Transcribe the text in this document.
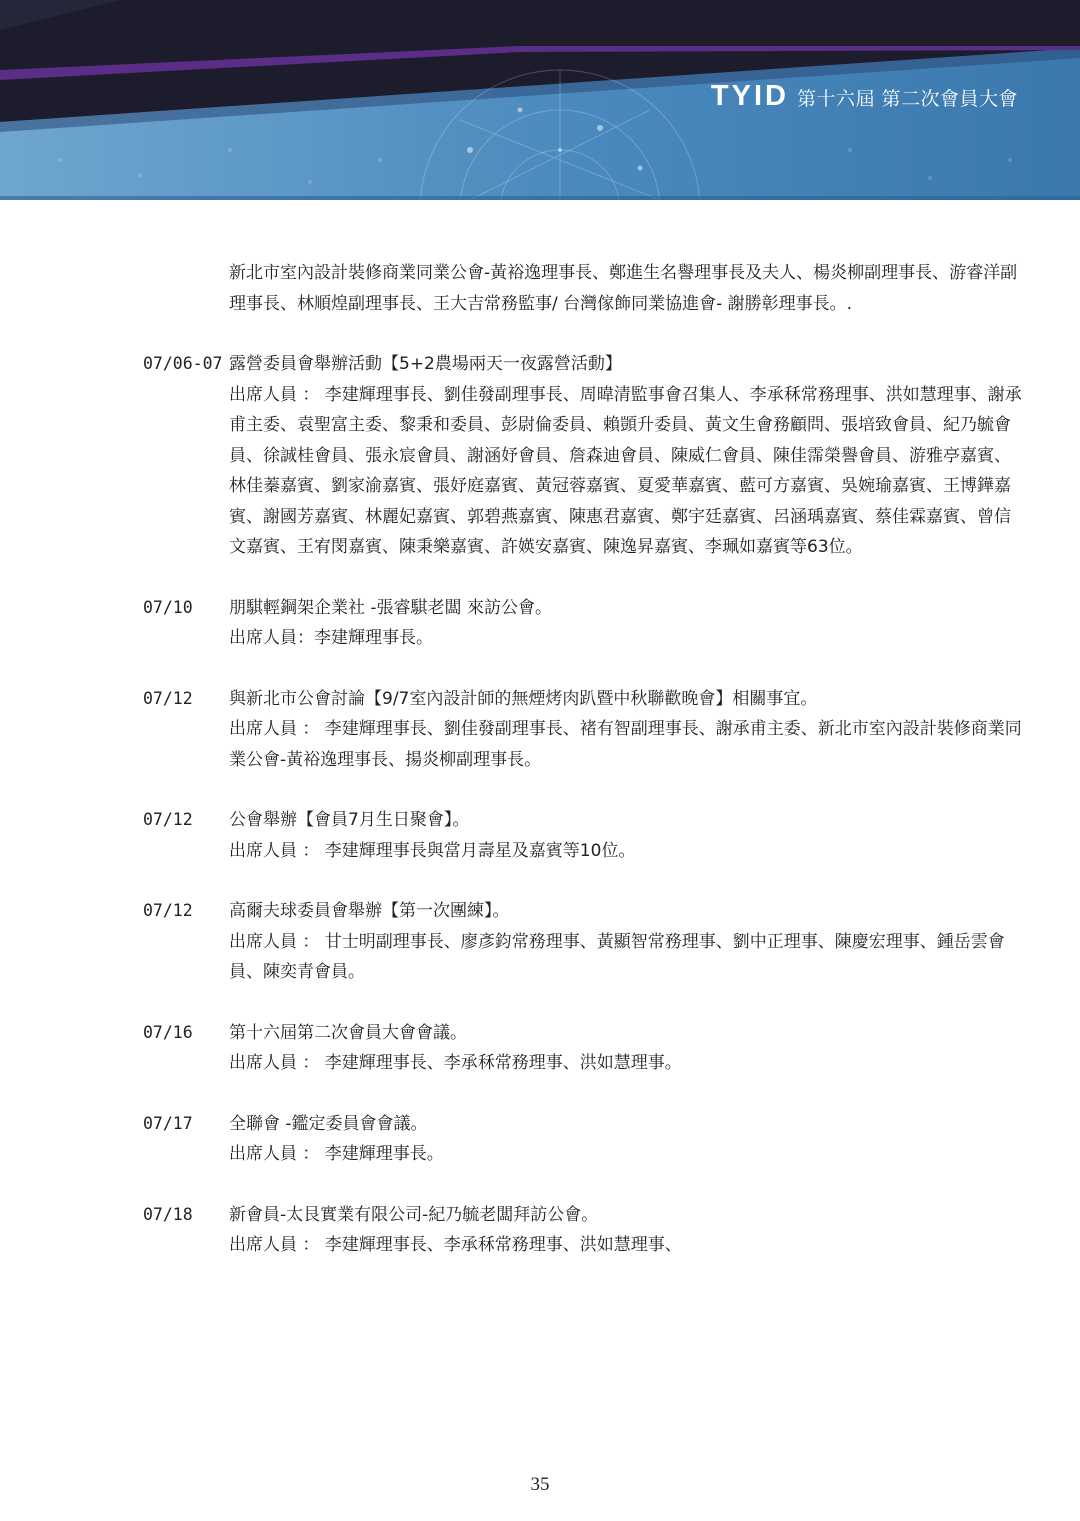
TYID 第十六屆 第二次會員大會
新北市室內設計裝修商業同業公會-黃裕逸理事長、鄭進生名譽理事長及夫人、楊炎柳副理事長、游睿洋副理事長、林順煌副理事長、王大吉常務監事/ 台灣傢飾同業協進會- 謝勝彰理事長。.
07/06-07 露營委員會舉辦活動【5+2農場兩天一夜露營活動】

出席人員 ： 李建輝理事長、劉佳發副理事長、周暐清監事會召集人、李承秝常務理事、洪如慧理事、謝承甫主委、袁聖富主委、黎秉和委員、彭尉倫委員、賴顗升委員、黃文生會務顧問、張培致會員、紀乃毓會員、徐誠桂會員、張永宸會員、謝涵妤會員、詹森迪會員、陳威仁會員、陳佳霈榮譽會員、游雅亭嘉賓、林佳蓁嘉賓、劉家渝嘉賓、張妤庭嘉賓、黃冠蓉嘉賓、夏愛華嘉賓、藍可方嘉賓、吳婉瑜嘉賓、王博鏵嘉賓、謝國芳嘉賓、林麗妃嘉賓、郭碧燕嘉賓、陳惠君嘉賓、鄭宇廷嘉賓、呂涵瑀嘉賓、蔡佳霖嘉賓、曾信文嘉賓、王宥閔嘉賓、陳秉樂嘉賓、許媖安嘉賓、陳逸昇嘉賓、李珮如嘉賓等63位。

07/10	朋騏輕鋼架企業社 -張睿騏老闆 來訪公會。

出席人員：李建輝理事長。

07/12	與新北市公會討論【9/7室內設計師的無煙烤肉趴暨中秋聯歡晚會】相關事宜。

出席人員 ： 李建輝理事長、劉佳發副理事長、褚有智副理事長、謝承甫主委、新北市室內設計裝修商業同業公會-黃裕逸理事長、揚炎柳副理事長。

07/12	公會舉辦【會員7月生日聚會】。

出席人員 ： 李建輝理事長與當月壽星及嘉賓等10位。

07/12	高爾夫球委員會舉辦【第一次團練】。

出席人員 ： 甘士明副理事長、廖彥鈞常務理事、黃顯智常務理事、劉中正理事、陳慶宏理事、鍾岳雲會員、陳奕青會員。

07/16	第十六屆第二次會員大會會議。

出席人員 ： 李建輝理事長、李承秝常務理事、洪如慧理事。

07/17	全聯會 -鑑定委員會會議。

出席人員 ： 李建輝理事長。

07/18	新會員-太艮實業有限公司-紀乃毓老闆拜訪公會。

出席人員 ： 李建輝理事長、李承秝常務理事、洪如慧理事、

35
